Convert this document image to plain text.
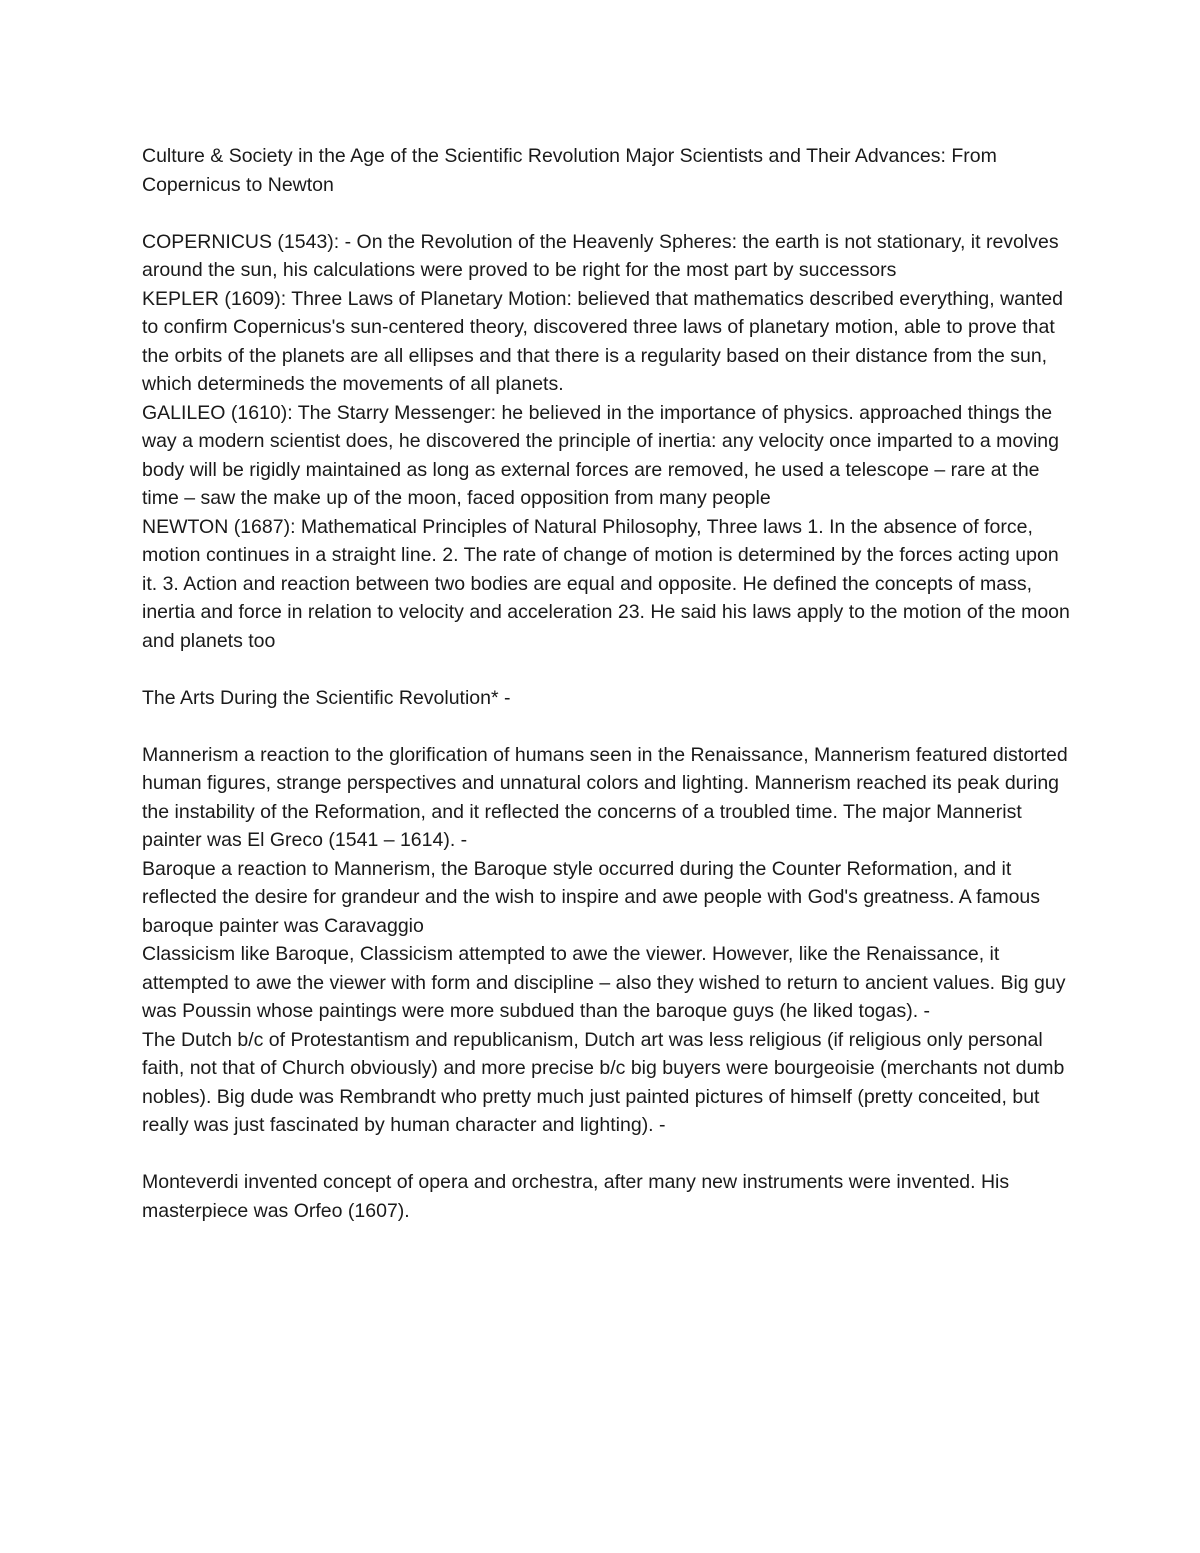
Culture & Society in the Age of the Scientific Revolution Major Scientists and Their Advances: From Copernicus to Newton

COPERNICUS (1543): - On the Revolution of the Heavenly Spheres: the earth is not stationary, it revolves around the sun, his calculations were proved to be right for the most part by successors

KEPLER (1609): Three Laws of Planetary Motion: believed that mathematics described everything, wanted to confirm Copernicus's sun-centered theory, discovered three laws of planetary motion, able to prove that the orbits of the planets are all ellipses and that there is a regularity based on their distance from the sun, which determineds the movements of all planets.

GALILEO (1610): The Starry Messenger: he believed in the importance of physics. approached things the way a modern scientist does, he discovered the principle of inertia: any velocity once imparted to a moving body will be rigidly maintained as long as external forces are removed, he used a telescope – rare at the time – saw the make up of the moon, faced opposition from many people

NEWTON (1687): Mathematical Principles of Natural Philosophy, Three laws 1. In the absence of force, motion continues in a straight line. 2. The rate of change of motion is determined by the forces acting upon it. 3. Action and reaction between two bodies are equal and opposite. He defined the concepts of mass, inertia and force in relation to velocity and acceleration 23. He said his laws apply to the motion of the moon and planets too

The Arts During the Scientific Revolution* -

Mannerism a reaction to the glorification of humans seen in the Renaissance, Mannerism featured distorted human figures, strange perspectives and unnatural colors and lighting. Mannerism reached its peak during the instability of the Reformation, and it reflected the concerns of a troubled time. The major Mannerist painter was El Greco (1541 – 1614). -

Baroque a reaction to Mannerism, the Baroque style occurred during the Counter Reformation, and it reflected the desire for grandeur and the wish to inspire and awe people with God's greatness. A famous baroque painter was Caravaggio

Classicism like Baroque, Classicism attempted to awe the viewer. However, like the Renaissance, it attempted to awe the viewer with form and discipline – also they wished to return to ancient values. Big guy was Poussin whose paintings were more subdued than the baroque guys (he liked togas). -

The Dutch b/c of Protestantism and republicanism, Dutch art was less religious (if religious only personal faith, not that of Church obviously) and more precise b/c big buyers were bourgeoisie (merchants not dumb nobles). Big dude was Rembrandt who pretty much just painted pictures of himself (pretty conceited, but really was just fascinated by human character and lighting). -

Monteverdi invented concept of opera and orchestra, after many new instruments were invented. His masterpiece was Orfeo (1607).
